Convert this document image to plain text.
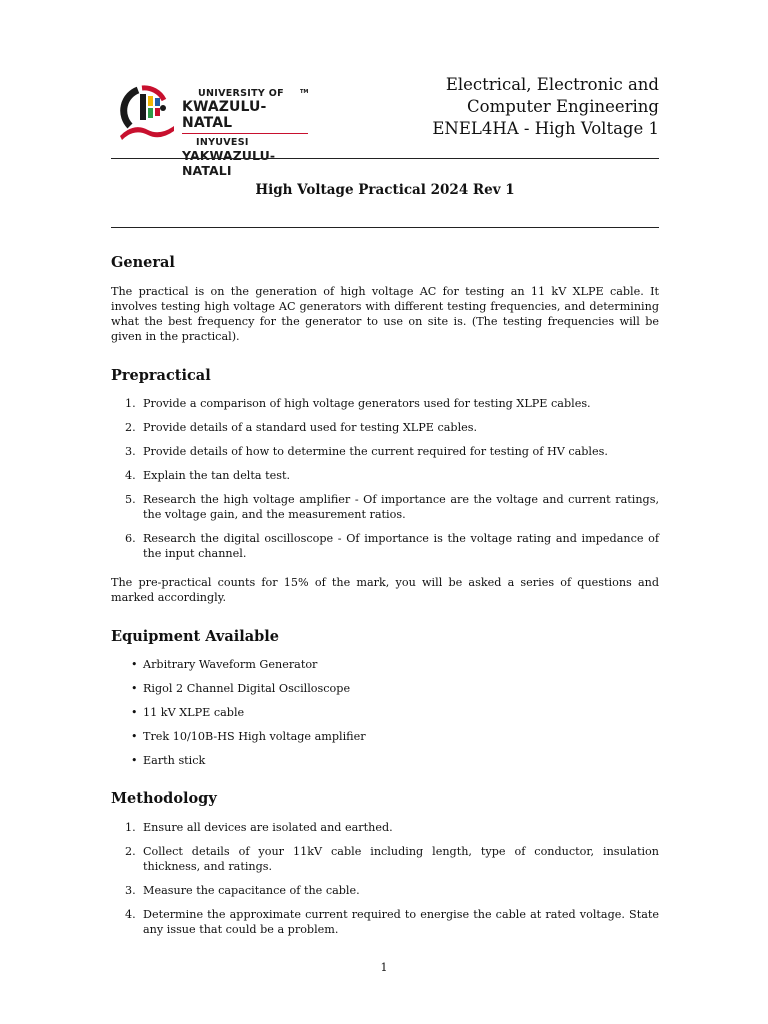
UNIVERSITY OF
KWAZULU-NATAL
INYUVESI
YAKWAZULU-NATALI
TM	Electrical, Electronic and
Computer Engineering
ENEL4HA - High Voltage 1
High Voltage Practical 2024 Rev 1
General
The practical is on the generation of high voltage AC for testing an 11 kV XLPE cable. It involves testing high voltage AC generators with different testing frequencies, and determining what the best frequency for the generator to use on site is. (The testing frequencies will be given in the practical).
Prepractical
1. Provide a comparison of high voltage generators used for testing XLPE cables.
2. Provide details of a standard used for testing XLPE cables.
3. Provide details of how to determine the current required for testing of HV cables.
4. Explain the tan delta test.
5. Research the high voltage amplifier - Of importance are the voltage and current ratings, the voltage gain, and the measurement ratios.
6. Research the digital oscilloscope - Of importance is the voltage rating and impedance of the input channel.
The pre-practical counts for 15% of the mark, you will be asked a series of questions and marked accordingly.
Equipment Available
• Arbitrary Waveform Generator
• Rigol 2 Channel Digital Oscilloscope
• 11 kV XLPE cable
• Trek 10/10B-HS High voltage amplifier
• Earth stick
Methodology
1. Ensure all devices are isolated and earthed.
2. Collect details of your 11kV cable including length, type of conductor, insulation thickness, and ratings.
3. Measure the capacitance of the cable.
4. Determine the approximate current required to energise the cable at rated voltage. State any issue that could be a problem.
1
